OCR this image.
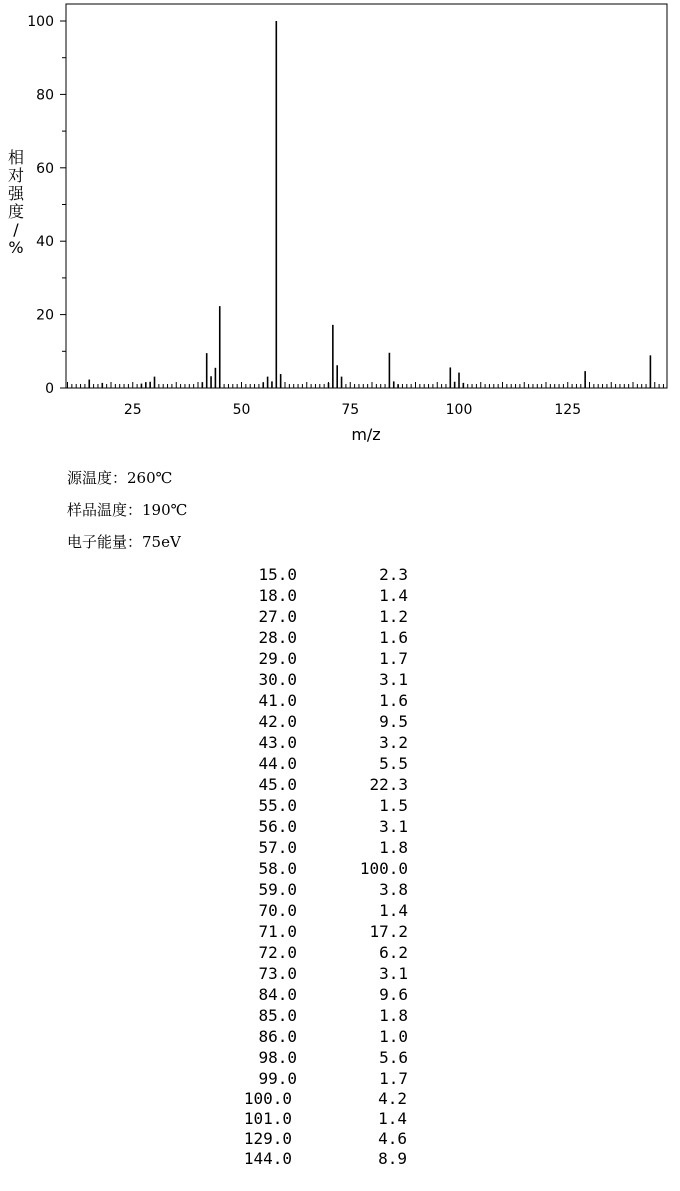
0
20
40
60
80
100
25	50	75	100	125
m/z
相对强度/ %
源温度：260℃
样品温度：190℃
电子能量：75eV
15.0	2.3
18.0	1.4
27.0	1.2
28.0	1.6
29.0	1.7
30.0	3.1
41.0	1.6
42.0	9.5
43.0	3.2
44.0	5.5
45.0	22.3
55.0	1.5
56.0	3.1
57.0	1.8
58.0	100.0
59.0	3.8
70.0	1.4
71.0	17.2
72.0	6.2
73.0	3.1
84.0	9.6
85.0	1.8
86.0	1.0
98.0	5.6
99.0	1.7
100.0	4.2
101.0	1.4
129.0	4.6
144.0	8.9
